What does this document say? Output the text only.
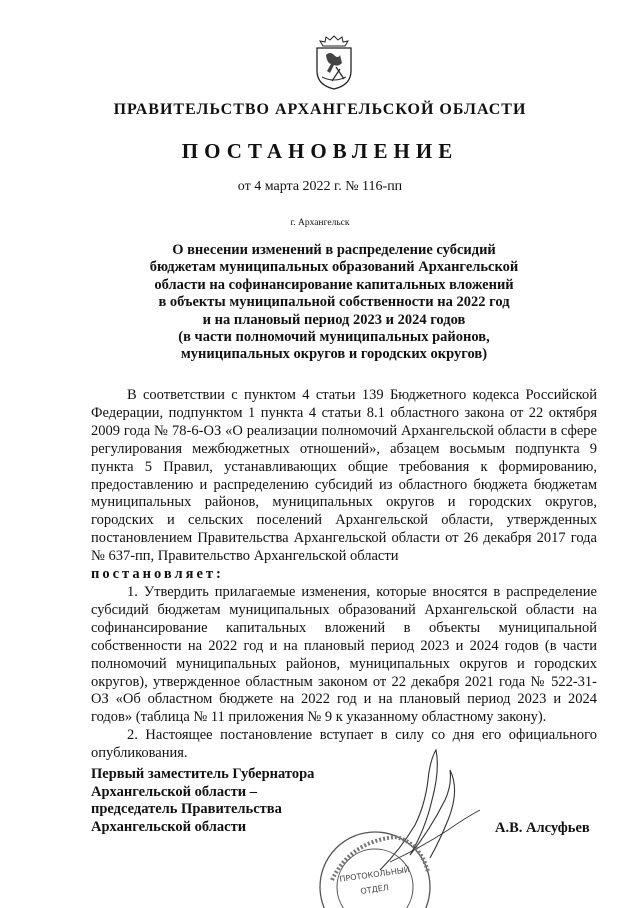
ПРАВИТЕЛЬСТВО АРХАНГЕЛЬСКОЙ ОБЛАСТИ
ПОСТАНОВЛЕНИЕ
от 4 марта 2022 г. № 116-пп
г. Архангельск
О внесении изменений в распределение субсидий
бюджетам муниципальных образований Архангельской
области на софинансирование капитальных вложений
в объекты муниципальной собственности на 2022 год
и на плановый период 2023 и 2024 годов
(в части полномочий муниципальных районов,
муниципальных округов и городских округов)

В соответствии с пунктом 4 статьи 139 Бюджетного кодекса Российской Федерации, подпунктом 1 пункта 4 статьи 8.1 областного закона от 22 октября 2009 года № 78-6-ОЗ «О реализации полномочий Архангельской области в сфере регулирования межбюджетных отношений», абзацем восьмым подпункта 9 пункта 5 Правил, устанавливающих общие требования к формированию, предоставлению и распределению субсидий из областного бюджета бюджетам муниципальных районов, муниципальных округов и городских округов, городских и сельских поселений Архангельской области, утвержденных постановлением Правительства Архангельской области от 26 декабря 2017 года № 637-пп, Правительство Архангельской области

постановляет:

1. Утвердить прилагаемые изменения, которые вносятся в распределение субсидий бюджетам муниципальных образований Архангельской области на софинансирование капитальных вложений в объекты муниципальной собственности на 2022 год и на плановый период 2023 и 2024 годов (в части полномочий муниципальных районов, муниципальных округов и городских округов), утвержденное областным законом от 22 декабря 2021 года № 522-31-ОЗ «Об областном бюджете на 2022 год и на плановый период 2023 и 2024 годов» (таблица № 11 приложения № 9 к указанному областному закону).

2. Настоящее постановление вступает в силу со дня его официального опубликования.

Первый заместитель Губернатора
Архангельской области –
председатель Правительства
Архангельской области	А.В. Алсуфьев
ПРОТОКОЛЬНЫЙ
ОТДЕЛ
